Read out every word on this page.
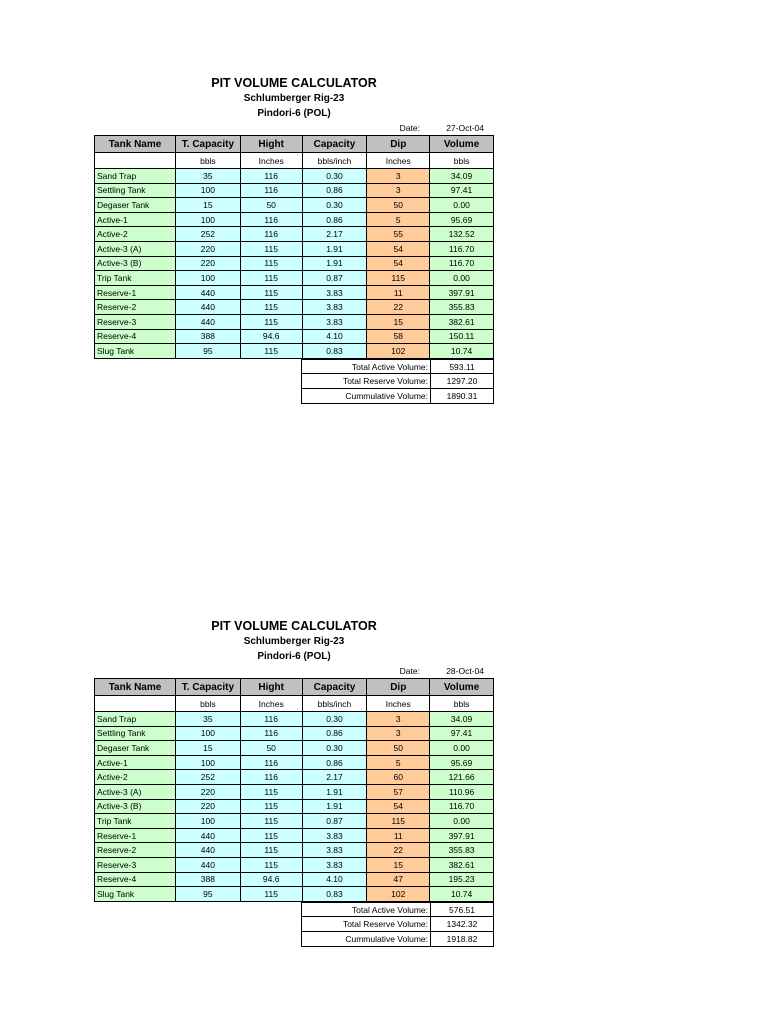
PIT VOLUME CALCULATOR
Schlumberger Rig-23
Pindori-6 (POL)
Date:	27-Oct-04
Tank Name	T. Capacity	Hight	Capacity	Dip	Volume
	bbls	Inches	bbls/inch	Inches	bbls
Sand Trap	35	116	0.30	3	34.09
Settling Tank	100	116	0.86	3	97.41
Degaser Tank	15	50	0.30	50	0.00
Active-1	100	116	0.86	5	95.69
Active-2	252	116	2.17	55	132.52
Active-3 (A)	220	115	1.91	54	116.70
Active-3 (B)	220	115	1.91	54	116.70
Trip Tank	100	115	0.87	115	0.00
Reserve-1	440	115	3.83	11	397.91
Reserve-2	440	115	3.83	22	355.83
Reserve-3	440	115	3.83	15	382.61
Reserve-4	388	94.6	4.10	58	150.11
Slug Tank	95	115	0.83	102	10.74
Total Active Volume:	593.11
Total Reserve Volume:	1297.20
Cummulative Volume:	1890.31
PIT VOLUME CALCULATOR
Schlumberger Rig-23
Pindori-6 (POL)
Date:	28-Oct-04
Tank Name	T. Capacity	Hight	Capacity	Dip	Volume
	bbls	Inches	bbls/inch	Inches	bbls
Sand Trap	35	116	0.30	3	34.09
Settling Tank	100	116	0.86	3	97.41
Degaser Tank	15	50	0.30	50	0.00
Active-1	100	116	0.86	5	95.69
Active-2	252	116	2.17	60	121.66
Active-3 (A)	220	115	1.91	57	110.96
Active-3 (B)	220	115	1.91	54	116.70
Trip Tank	100	115	0.87	115	0.00
Reserve-1	440	115	3.83	11	397.91
Reserve-2	440	115	3.83	22	355.83
Reserve-3	440	115	3.83	15	382.61
Reserve-4	388	94.6	4.10	47	195.23
Slug Tank	95	115	0.83	102	10.74
Total Active Volume:	576.51
Total Reserve Volume:	1342.32
Cummulative Volume:	1918.82
